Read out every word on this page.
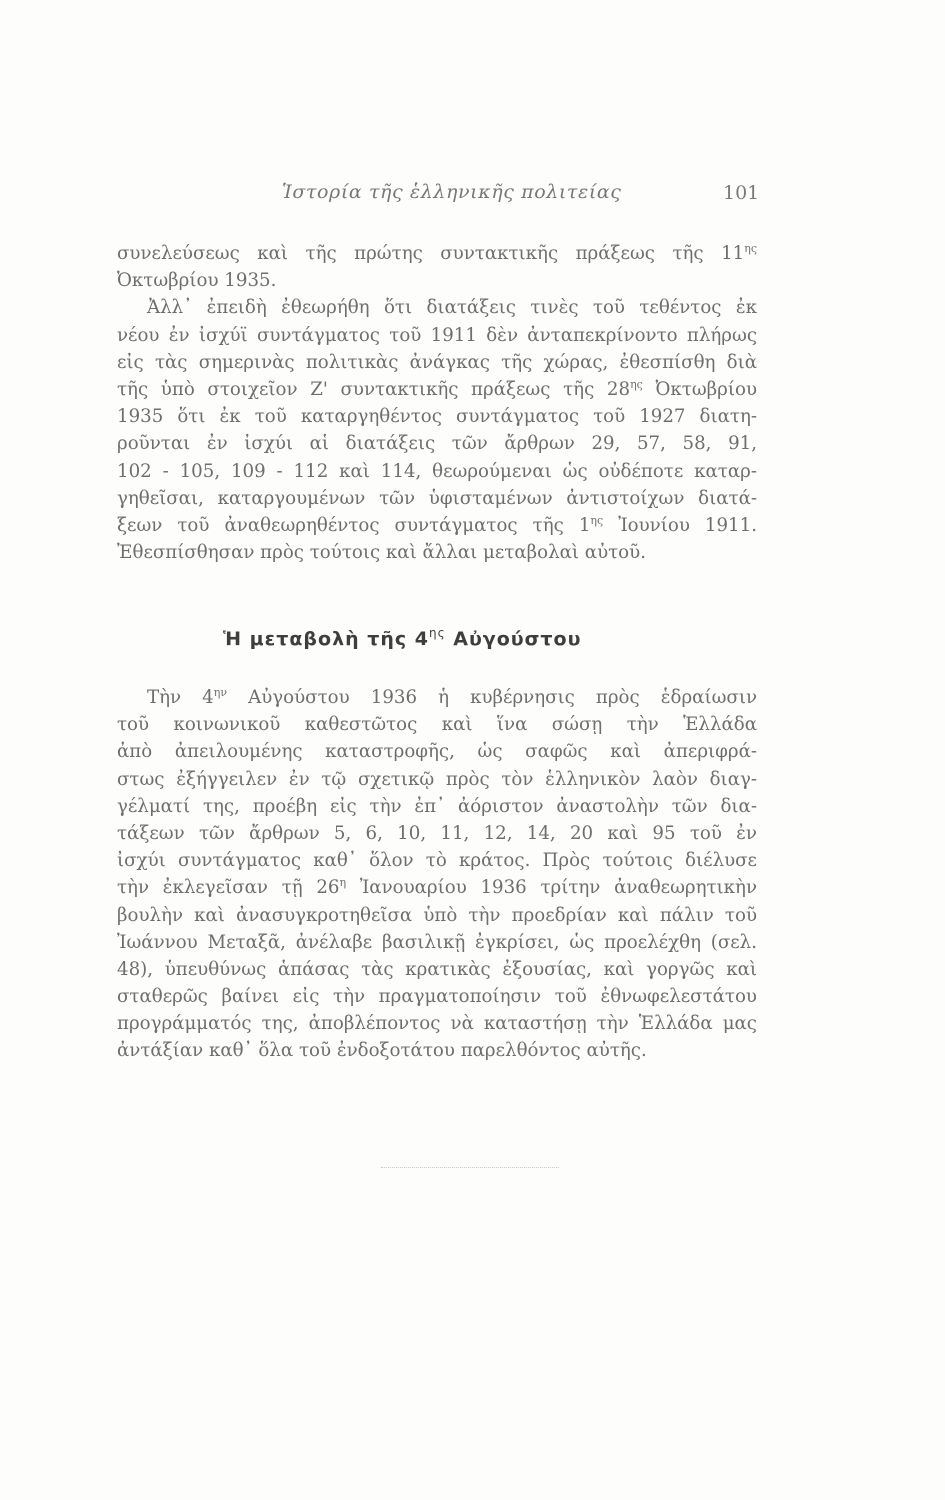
Ἱστορία τῆς ἑλληνικῆς πολιτείας	101
συνελεύσεως καὶ τῆς πρώτης συντακτικῆς πράξεως τῆς $11^{\eta\varsigma}$
Ὀκτωβρίου 1935.
Ἀλλ᾽ ἐπειδὴ ἐθεωρήθη ὅτι διατάξεις τινὲς τοῦ τεθέντος ἐκ
νέου ἐν ἰσχύϊ συντάγματος τοῦ 1911 δὲν ἀνταπεκρίνοντο πλήρως
εἰς τὰς σημερινὰς πολιτικὰς ἀνάγκας τῆς χώρας, ἐθεσπίσθη διὰ
τῆς ὑπὸ στοιχεῖον Ζ' συντακτικῆς πράξεως τῆς $28^{\eta\varsigma}$ Ὀκτωβρίου
1935 ὅτι ἐκ τοῦ καταργηθέντος συντάγματος τοῦ 1927 διατη-
ροῦνται ἐν ἰσχύι αἱ διατάξεις τῶν ἄρθρων 29, 57, 58, 91,
102 - 105, 109 - 112 καὶ 114, θεωρούμεναι ὡς οὐδέποτε καταρ-
γηθεῖσαι, καταργουμένων τῶν ὑφισταμένων ἀντιστοίχων διατά-
ξεων τοῦ ἀναθεωρηθέντος συντάγματος τῆς $1^{\eta\varsigma}$ Ἰουνίου 1911.
Ἐθεσπίσθησαν πρὸς τούτοις καὶ ἄλλαι μεταβολαὶ αὐτοῦ.
Ἡ μεταβολὴ τῆς $4^{\eta\varsigma}$ Αὐγούστου
Τὴν $4^{\eta\nu}$ Αὐγούστου 1936 ἡ κυβέρνησις πρὸς ἑδραίωσιν
τοῦ κοινωνικοῦ καθεστῶτος καὶ ἵνα σώσῃ τὴν Ἑλλάδα
ἀπὸ ἀπειλουμένης καταστροφῆς, ὡς σαφῶς καὶ ἀπεριφρά-
στως ἐξήγγειλεν ἐν τῷ σχετικῷ πρὸς τὸν ἑλληνικὸν λαὸν διαγ-
γέλματί της, προέβη εἰς τὴν ἐπ᾽ ἀόριστον ἀναστολὴν τῶν δια-
τάξεων τῶν ἄρθρων 5, 6, 10, 11, 12, 14, 20 καὶ 95 τοῦ ἐν
ἰσχύι συντάγματος καθ᾽ ὅλον τὸ κράτος. Πρὸς τούτοις διέλυσε
τὴν ἐκλεγεῖσαν τῇ $26^\eta$ Ἰανουαρίου 1936 τρίτην ἀναθεωρητικὴν
βουλὴν καὶ ἀνασυγκροτηθεῖσα ὑπὸ τὴν προεδρίαν καὶ πάλιν τοῦ
Ἰωάννου Μεταξᾶ, ἀνέλαβε βασιλικῇ ἐγκρίσει, ὡς προελέχθη (σελ.
48), ὑπευθύνως ἁπάσας τὰς κρατικὰς ἐξουσίας, καὶ γοργῶς καὶ
σταθερῶς βαίνει εἰς τὴν πραγματοποίησιν τοῦ ἐθνωφελεστάτου
προγράμματός της, ἀποβλέποντος νὰ καταστήσῃ τὴν Ἑλλάδα μας
ἀντάξίαν καθ᾽ ὅλα τοῦ ἐνδοξοτάτου παρελθόντος αὐτῆς.
